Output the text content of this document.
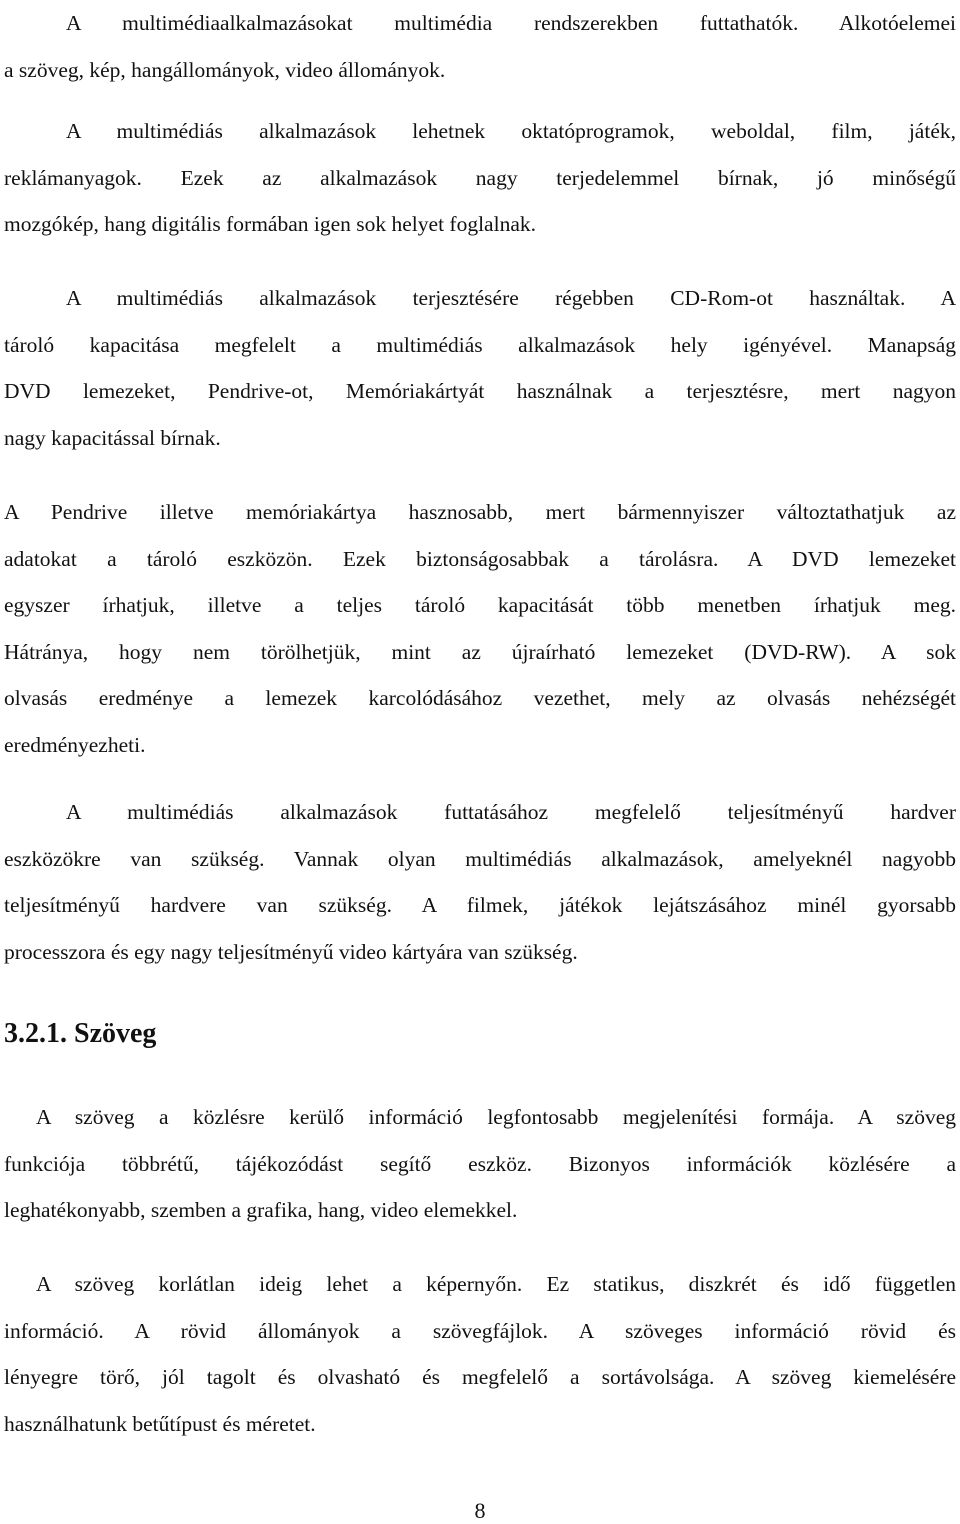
A multimédiaalkalmazásokat multimédia rendszerekben futtathatók. Alkotóelemei
a szöveg, kép, hangállományok, video állományok.

A multimédiás alkalmazások lehetnek oktatóprogramok, weboldal, film, játék,
reklámanyagok. Ezek az alkalmazások nagy terjedelemmel bírnak, jó minőségű
mozgókép, hang digitális formában igen sok helyet foglalnak.

A multimédiás alkalmazások terjesztésére régebben CD-Rom-ot használtak. A
tároló kapacitása megfelelt a multimédiás alkalmazások hely igényével. Manapság
DVD lemezeket, Pendrive-ot, Memóriakártyát használnak a terjesztésre, mert nagyon
nagy kapacitással bírnak.

A Pendrive illetve memóriakártya hasznosabb, mert bármennyiszer változtathatjuk az
adatokat a tároló eszközön. Ezek biztonságosabbak a tárolásra. A DVD lemezeket
egyszer írhatjuk, illetve a teljes tároló kapacitását több menetben írhatjuk meg.
Hátránya, hogy nem törölhetjük, mint az újraírható lemezeket (DVD-RW). A sok
olvasás eredménye a lemezek karcolódásához vezethet, mely az olvasás nehézségét
eredményezheti.

A multimédiás alkalmazások futtatásához megfelelő teljesítményű hardver
eszközökre van szükség. Vannak olyan multimédiás alkalmazások, amelyeknél nagyobb
teljesítményű hardvere van szükség. A filmek, játékok lejátszásához minél gyorsabb
processzora és egy nagy teljesítményű video kártyára van szükség.

3.2.1. Szöveg

A szöveg a közlésre kerülő információ legfontosabb megjelenítési formája. A szöveg
funkciója többrétű, tájékozódást segítő eszköz. Bizonyos információk közlésére a
leghatékonyabb, szemben a grafika, hang, video elemekkel.

A szöveg korlátlan ideig lehet a képernyőn. Ez statikus, diszkrét és idő független
információ. A rövid állományok a szövegfájlok. A szöveges információ rövid és
lényegre törő, jól tagolt és olvasható és megfelelő a sortávolsága. A szöveg kiemelésére
használhatunk betűtípust és méretet.

8
